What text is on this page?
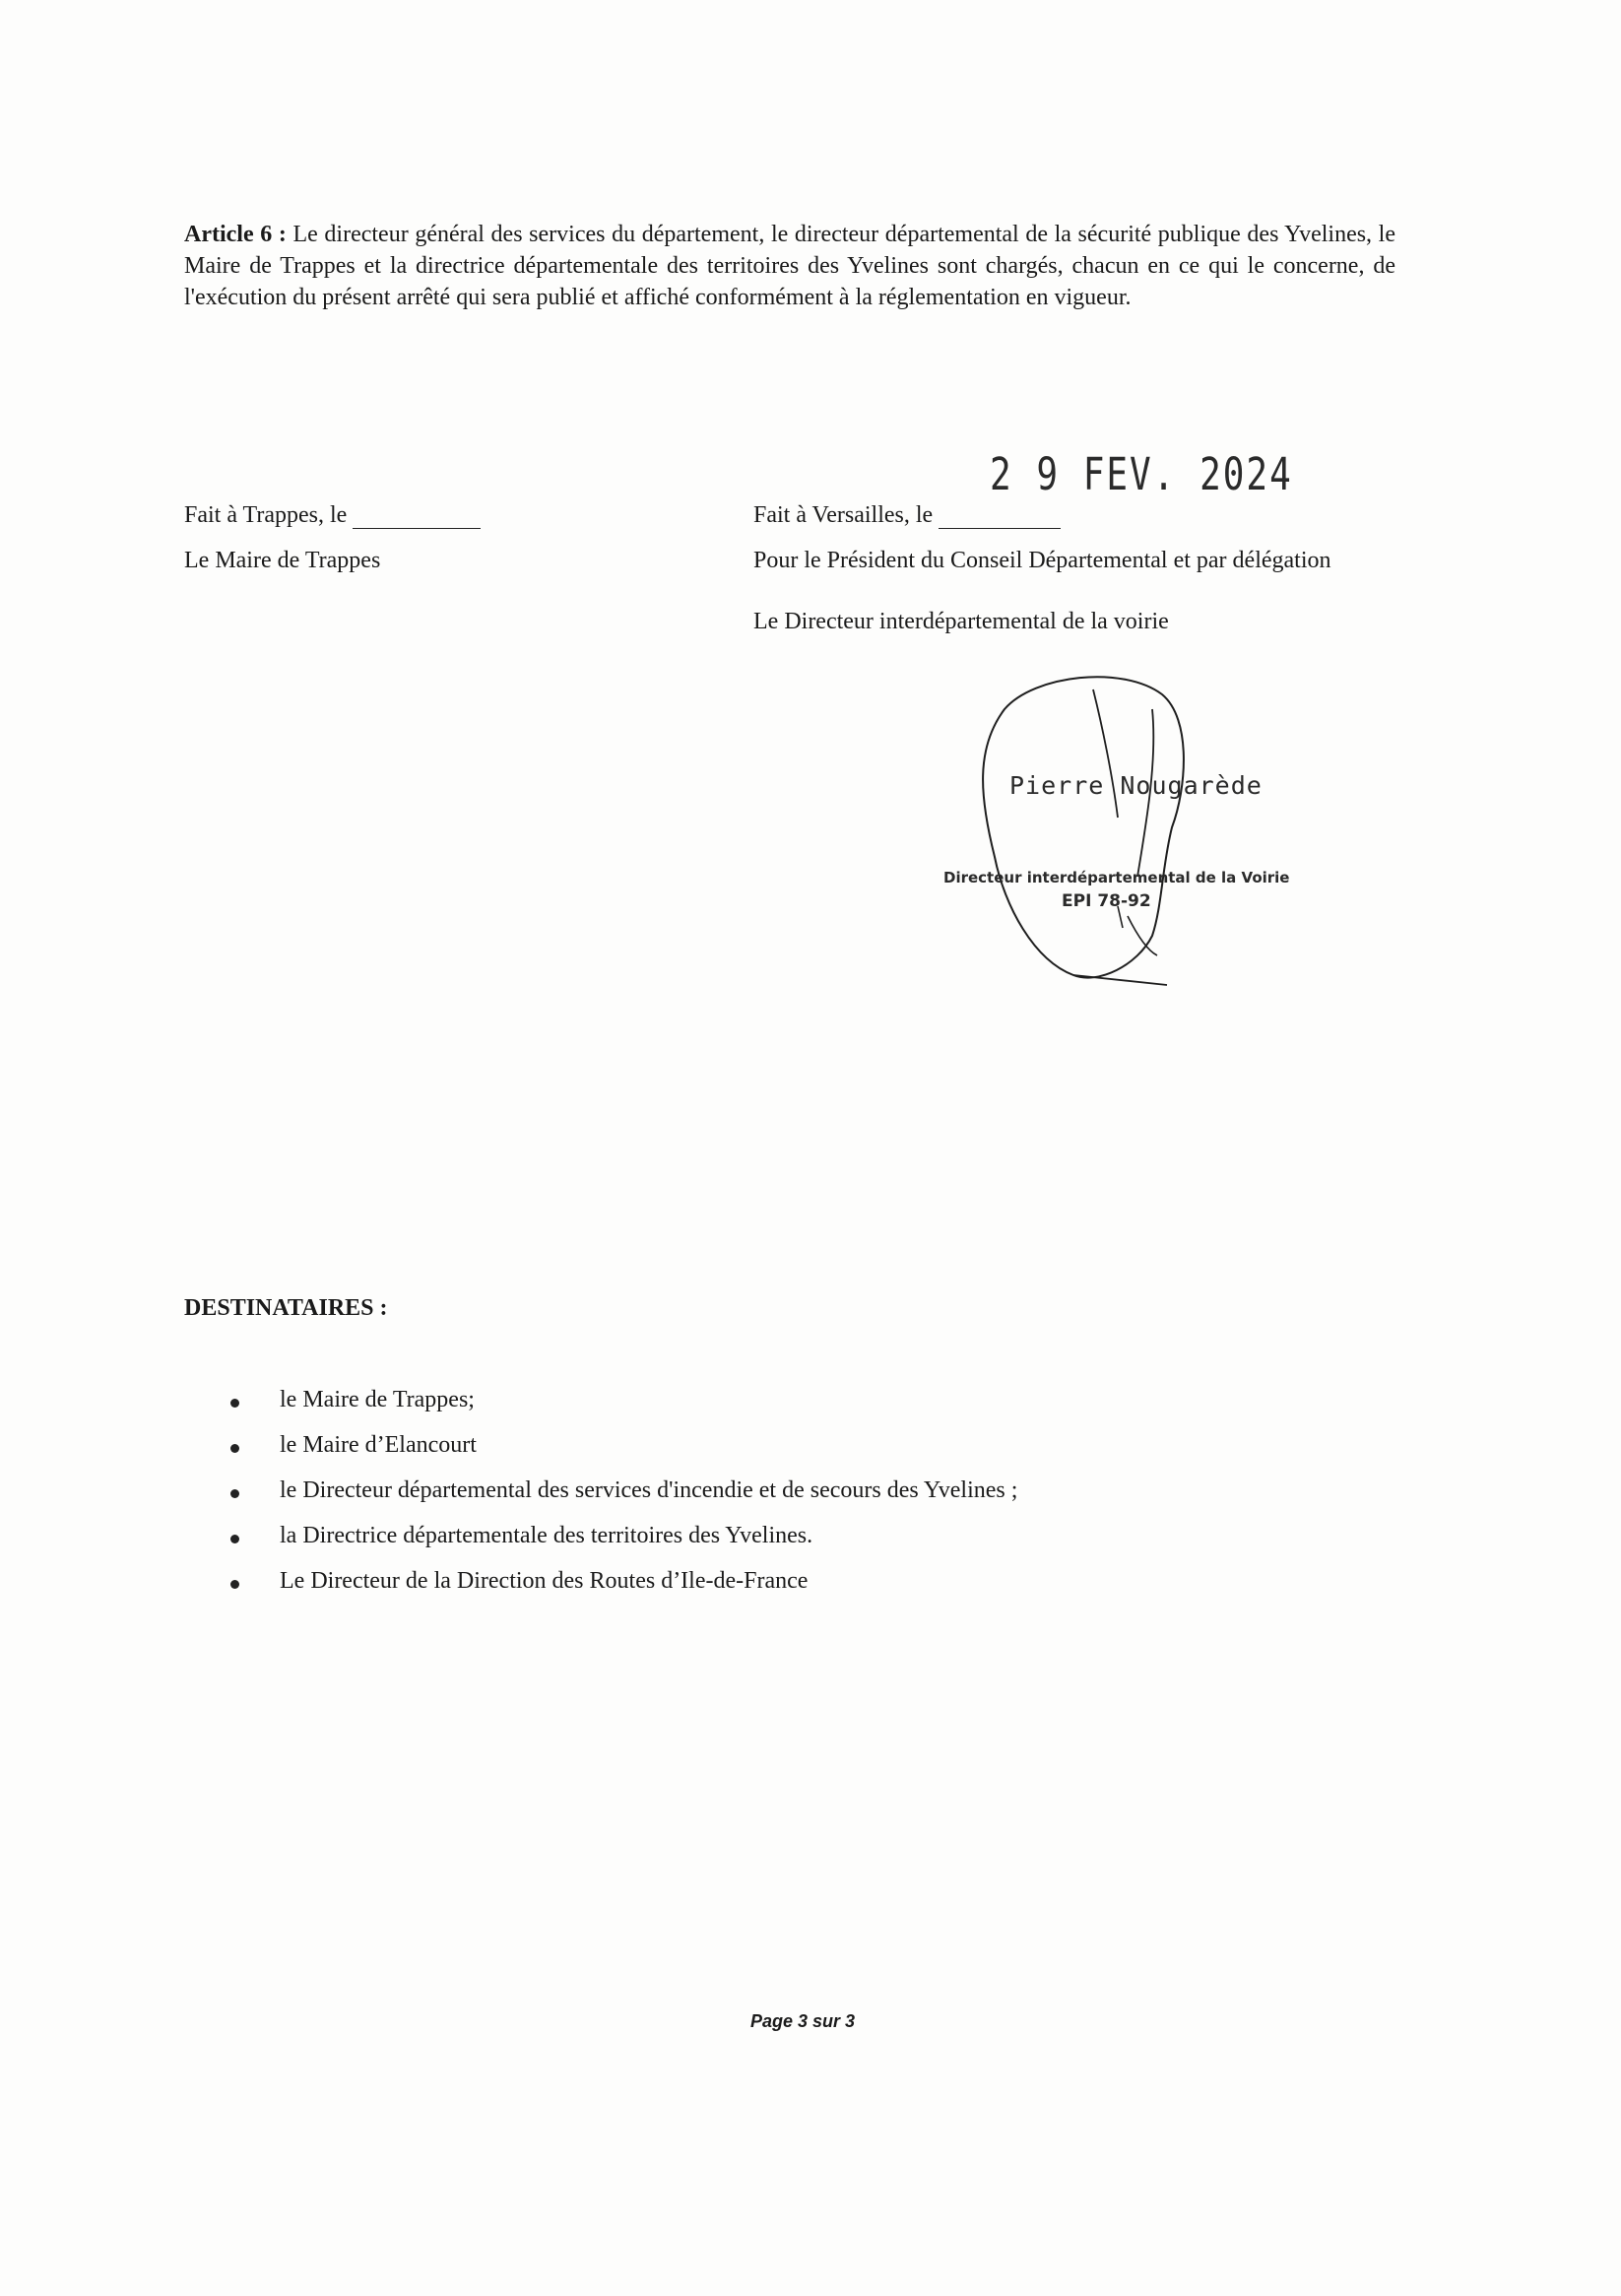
Article 6 : Le directeur général des services du département, le directeur départemental de la sécurité publique des Yvelines, le Maire de Trappes et la directrice départementale des territoires des Yvelines sont chargés, chacun en ce qui le concerne, de l'exécution du présent arrêté qui sera publié et affiché conformément à la réglementation en vigueur.
Fait à Trappes, le
Le Maire de Trappes
2 9 FEV. 2024
Fait à Versailles, le
Pour le Président du Conseil Départemental et par délégation
Le Directeur interdépartemental de la voirie
Pierre Nougarède
Directeur interdépartemental de la Voirie
EPI 78-92
DESTINATAIRES :
le Maire de Trappes;
le Maire d’Elancourt
le Directeur départemental des services d'incendie et de secours des Yvelines ;
la Directrice départementale des territoires des Yvelines.
Le Directeur de la Direction des Routes d’Ile-de-France
Page 3 sur 3
